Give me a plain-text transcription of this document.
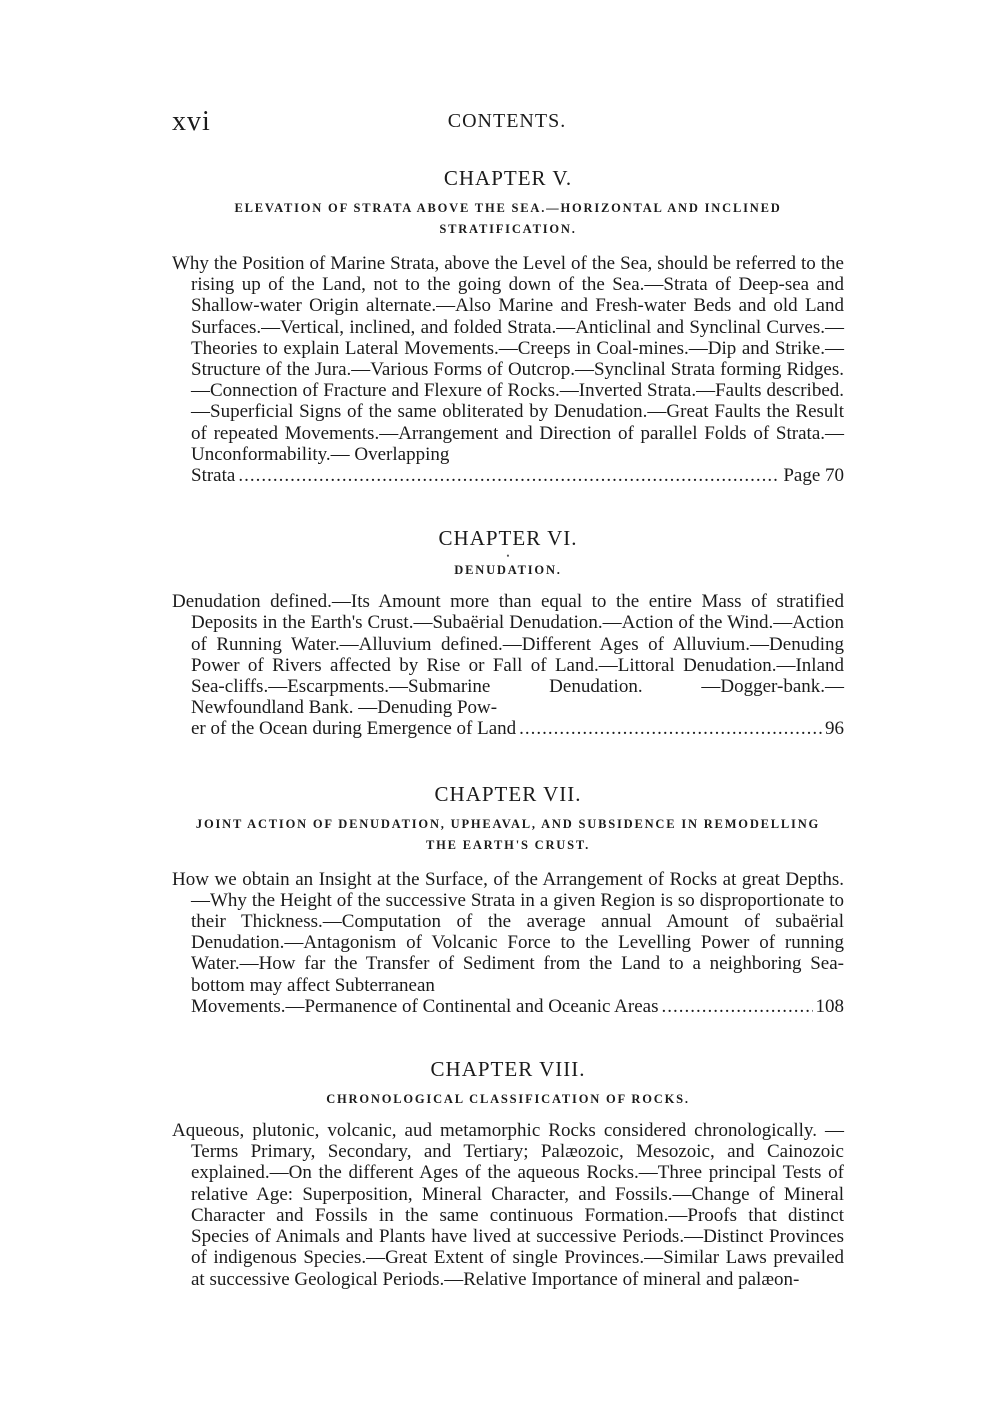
xvi	CONTENTS.
CHAPTER V.
ELEVATION OF STRATA ABOVE THE SEA.—HORIZONTAL AND INCLINED STRATIFICATION.

Why the Position of Marine Strata, above the Level of the Sea, should be referred to the rising up of the Land, not to the going down of the Sea.—Strata of Deep-sea and Shallow-water Origin alternate.—Also Marine and Fresh-water Beds and old Land Surfaces.—Vertical, inclined, and folded Strata.—Anticlinal and Synclinal Curves.—Theories to explain Lateral Movements.—Creeps in Coal-mines.—Dip and Strike.—Structure of the Jura.—Various Forms of Outcrop.—Synclinal Strata forming Ridges.—Connection of Fracture and Flexure of Rocks.—Inverted Strata.—Faults described.—Superficial Signs of the same obliterated by Denudation.—Great Faults the Result of repeated Movements.—Arrangement and Direction of parallel Folds of Strata.— Unconformability.— Overlapping

Strata .....	Page 70
CHAPTER VI.
•
DENUDATION.

Denudation defined.—Its Amount more than equal to the entire Mass of stratified Deposits in the Earth's Crust.—Subaërial Denudation.—Action of the Wind.—Action of Running Water.—Alluvium defined.—Different Ages of Alluvium.—Denuding Power of Rivers affected by Rise or Fall of Land.—Littoral Denudation.—Inland Sea-cliffs.—Escarpments.—Submarine Denudation. —Dogger-bank.—Newfoundland Bank. —Denuding Pow-

er of the Ocean during Emergence of Land .....	96
CHAPTER VII.
JOINT ACTION OF DENUDATION, UPHEAVAL, AND SUBSIDENCE IN REMODELLING THE EARTH'S CRUST.

How we obtain an Insight at the Surface, of the Arrangement of Rocks at great Depths.—Why the Height of the successive Strata in a given Region is so disproportionate to their Thickness.—Computation of the average annual Amount of subaërial Denudation.—Antagonism of Volcanic Force to the Levelling Power of running Water.—How far the Transfer of Sediment from the Land to a neighboring Sea-bottom may affect Subterranean

Movements.—Permanence of Continental and Oceanic Areas .....	108
CHAPTER VIII.
CHRONOLOGICAL CLASSIFICATION OF ROCKS.

Aqueous, plutonic, volcanic, aud metamorphic Rocks considered chronologically. — Terms Primary, Secondary, and Tertiary; Palæozoic, Mesozoic, and Cainozoic explained.—On the different Ages of the aqueous Rocks.—Three principal Tests of relative Age: Superposition, Mineral Character, and Fossils.—Change of Mineral Character and Fossils in the same continuous Formation.—Proofs that distinct Species of Animals and Plants have lived at successive Periods.—Distinct Provinces of indigenous Species.—Great Extent of single Provinces.—Similar Laws prevailed at successive Geological Periods.—Relative Importance of mineral and palæon-
